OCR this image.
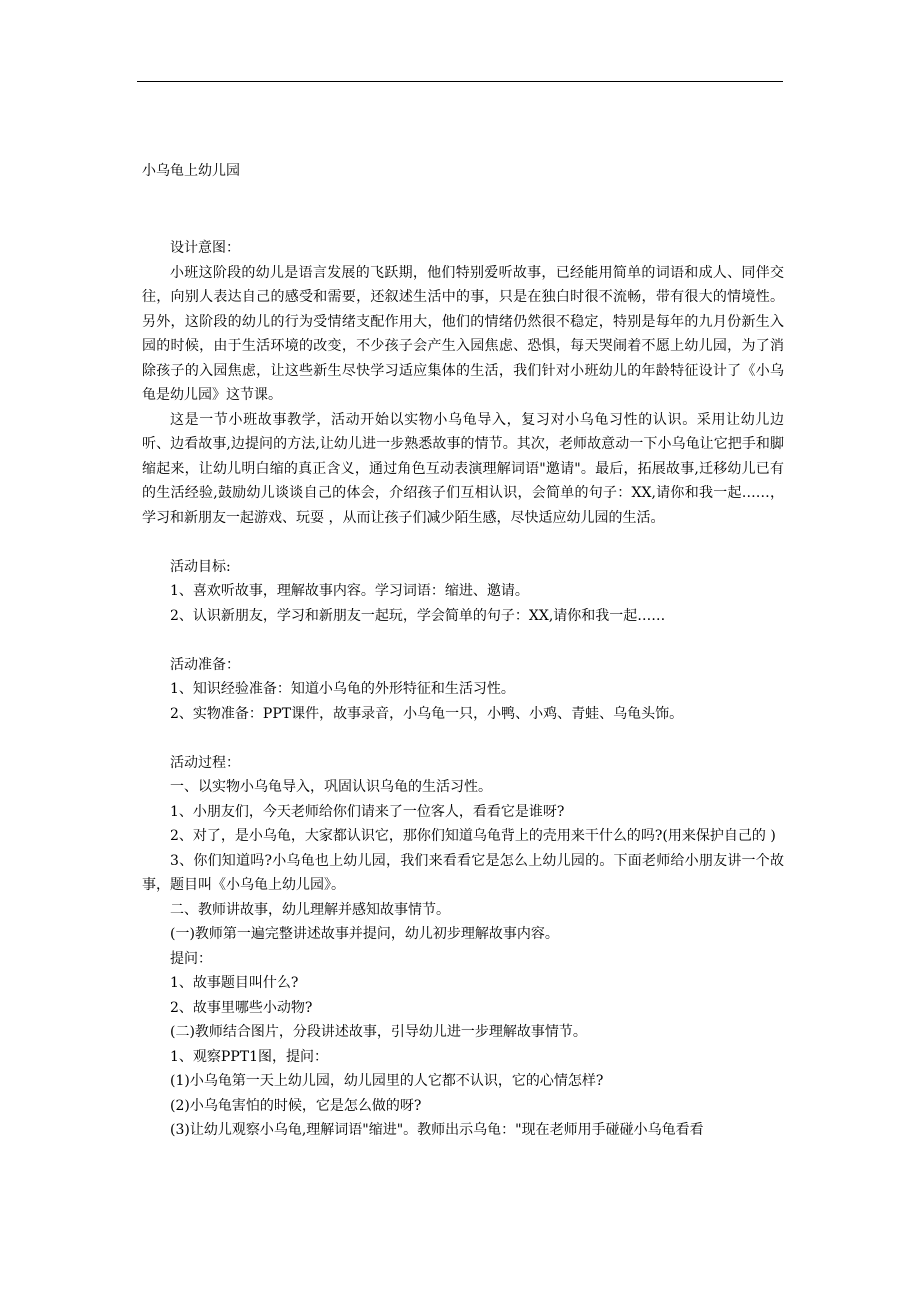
小乌龟上幼儿园

设计意图：

小班这阶段的幼儿是语言发展的飞跃期，他们特别爱听故事，已经能用简单的词语和成人、同伴交往，向别人表达自己的感受和需要，还叙述生活中的事，只是在独白时很不流畅，带有很大的情境性。另外，这阶段的幼儿的行为受情绪支配作用大，他们的情绪仍然很不稳定，特别是每年的九月份新生入园的时候，由于生活环境的改变，不少孩子会产生入园焦虑、恐惧，每天哭闹着不愿上幼儿园，为了消除孩子的入园焦虑，让这些新生尽快学习适应集体的生活，我们针对小班幼儿的年龄特征设计了《小乌龟是幼儿园》这节课。

这是一节小班故事教学，活动开始以实物小乌龟导入，复习对小乌龟习性的认识。采用让幼儿边听、边看故事,边提问的方法,让幼儿进一步熟悉故事的情节。其次，老师故意动一下小乌龟让它把手和脚缩起来，让幼儿明白缩的真正含义，通过角色互动表演理解词语"邀请"。最后，拓展故事,迁移幼儿已有的生活经验,鼓励幼儿谈谈自己的体会，介绍孩子们互相认识，会简单的句子：XX,请你和我一起……，学习和新朋友一起游戏、玩耍 ，从而让孩子们减少陌生感，尽快适应幼儿园的生活。

活动目标:

1、喜欢听故事，理解故事内容。学习词语：缩进、邀请。

2、认识新朋友，学习和新朋友一起玩，学会简单的句子：XX,请你和我一起……

活动准备：

1、知识经验准备：知道小乌龟的外形特征和生活习性。

2、实物准备：PPT课件，故事录音，小乌龟一只，小鸭、小鸡、青蛙、乌龟头饰。

活动过程：

一、以实物小乌龟导入，巩固认识乌龟的生活习性。

1、小朋友们，今天老师给你们请来了一位客人，看看它是谁呀?

2、对了，是小乌龟，大家都认识它，那你们知道乌龟背上的壳用来干什么的吗?(用来保护自己的 )

3、你们知道吗?小乌龟也上幼儿园，我们来看看它是怎么上幼儿园的。下面老师给小朋友讲一个故事，题目叫《小乌龟上幼儿园》。

二、教师讲故事，幼儿理解并感知故事情节。

(一)教师第一遍完整讲述故事并提问，幼儿初步理解故事内容。

提问：

1、故事题目叫什么?

2、故事里哪些小动物?

(二)教师结合图片，分段讲述故事，引导幼儿进一步理解故事情节。

1、观察PPT1图，提问：

(1)小乌龟第一天上幼儿园，幼儿园里的人它都不认识，它的心情怎样?

(2)小乌龟害怕的时候，它是怎么做的呀?

(3)让幼儿观察小乌龟,理解词语"缩进"。教师出示乌龟："现在老师用手碰碰小乌龟看看
